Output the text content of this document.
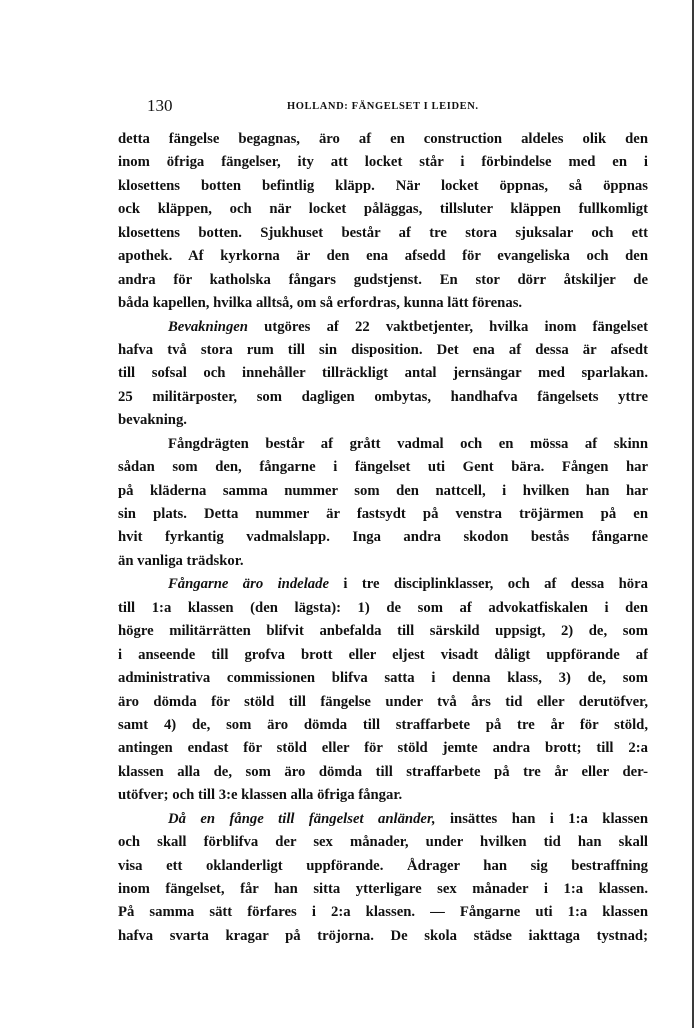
130	HOLLAND: FÄNGELSET I LEIDEN.
detta fängelse begagnas, äro af en construction aldeles olik den
inom öfriga fängelser, ity att locket står i förbindelse med en i
klosettens botten befintlig kläpp. När locket öppnas, så öppnas
ock kläppen, och när locket påläggas, tillsluter kläppen fullkomligt
klosettens botten. Sjukhuset består af tre stora sjuksalar och ett
apothek. Af kyrkorna är den ena afsedd för evangeliska och den
andra för katholska fångars gudstjenst. En stor dörr åtskiljer de
båda kapellen, hvilka alltså, om så erfordras, kunna lätt förenas.
Bevakningen utgöres af 22 vaktbetjenter, hvilka inom fängelset
hafva två stora rum till sin disposition. Det ena af dessa är afsedt
till sofsal och innehåller tillräckligt antal jernsängar med sparlakan.
25 militärposter, som dagligen ombytas, handhafva fängelsets yttre
bevakning.
Fångdrägten består af grått vadmal och en mössa af skinn
sådan som den, fångarne i fängelset uti Gent bära. Fången har
på kläderna samma nummer som den nattcell, i hvilken han har
sin plats. Detta nummer är fastsydt på venstra tröjärmen på en
hvit fyrkantig vadmalslapp. Inga andra skodon bestås fångarne
än vanliga trädskor.
Fångarne äro indelade i tre disciplinklasser, och af dessa höra
till 1:a klassen (den lägsta): 1) de som af advokatfiskalen i den
högre militärrätten blifvit anbefalda till särskild uppsigt, 2) de, som
i anseende till grofva brott eller eljest visadt dåligt uppförande af
administrativa commissionen blifva satta i denna klass, 3) de, som
äro dömda för stöld till fängelse under två års tid eller derutöfver,
samt 4) de, som äro dömda till straffarbete på tre år för stöld,
antingen endast för stöld eller för stöld jemte andra brott; till 2:a
klassen alla de, som äro dömda till straffarbete på tre år eller der-
utöfver; och till 3:e klassen alla öfriga fångar.
Då en fånge till fängelset anländer, insättes han i 1:a klassen
och skall förblifva der sex månader, under hvilken tid han skall
visa ett oklanderligt uppförande. Ådrager han sig bestraffning
inom fängelset, får han sitta ytterligare sex månader i 1:a klassen.
På samma sätt förfares i 2:a klassen. — Fångarne uti 1:a klassen
hafva svarta kragar på tröjorna. De skola städse iakttaga tystnad;
